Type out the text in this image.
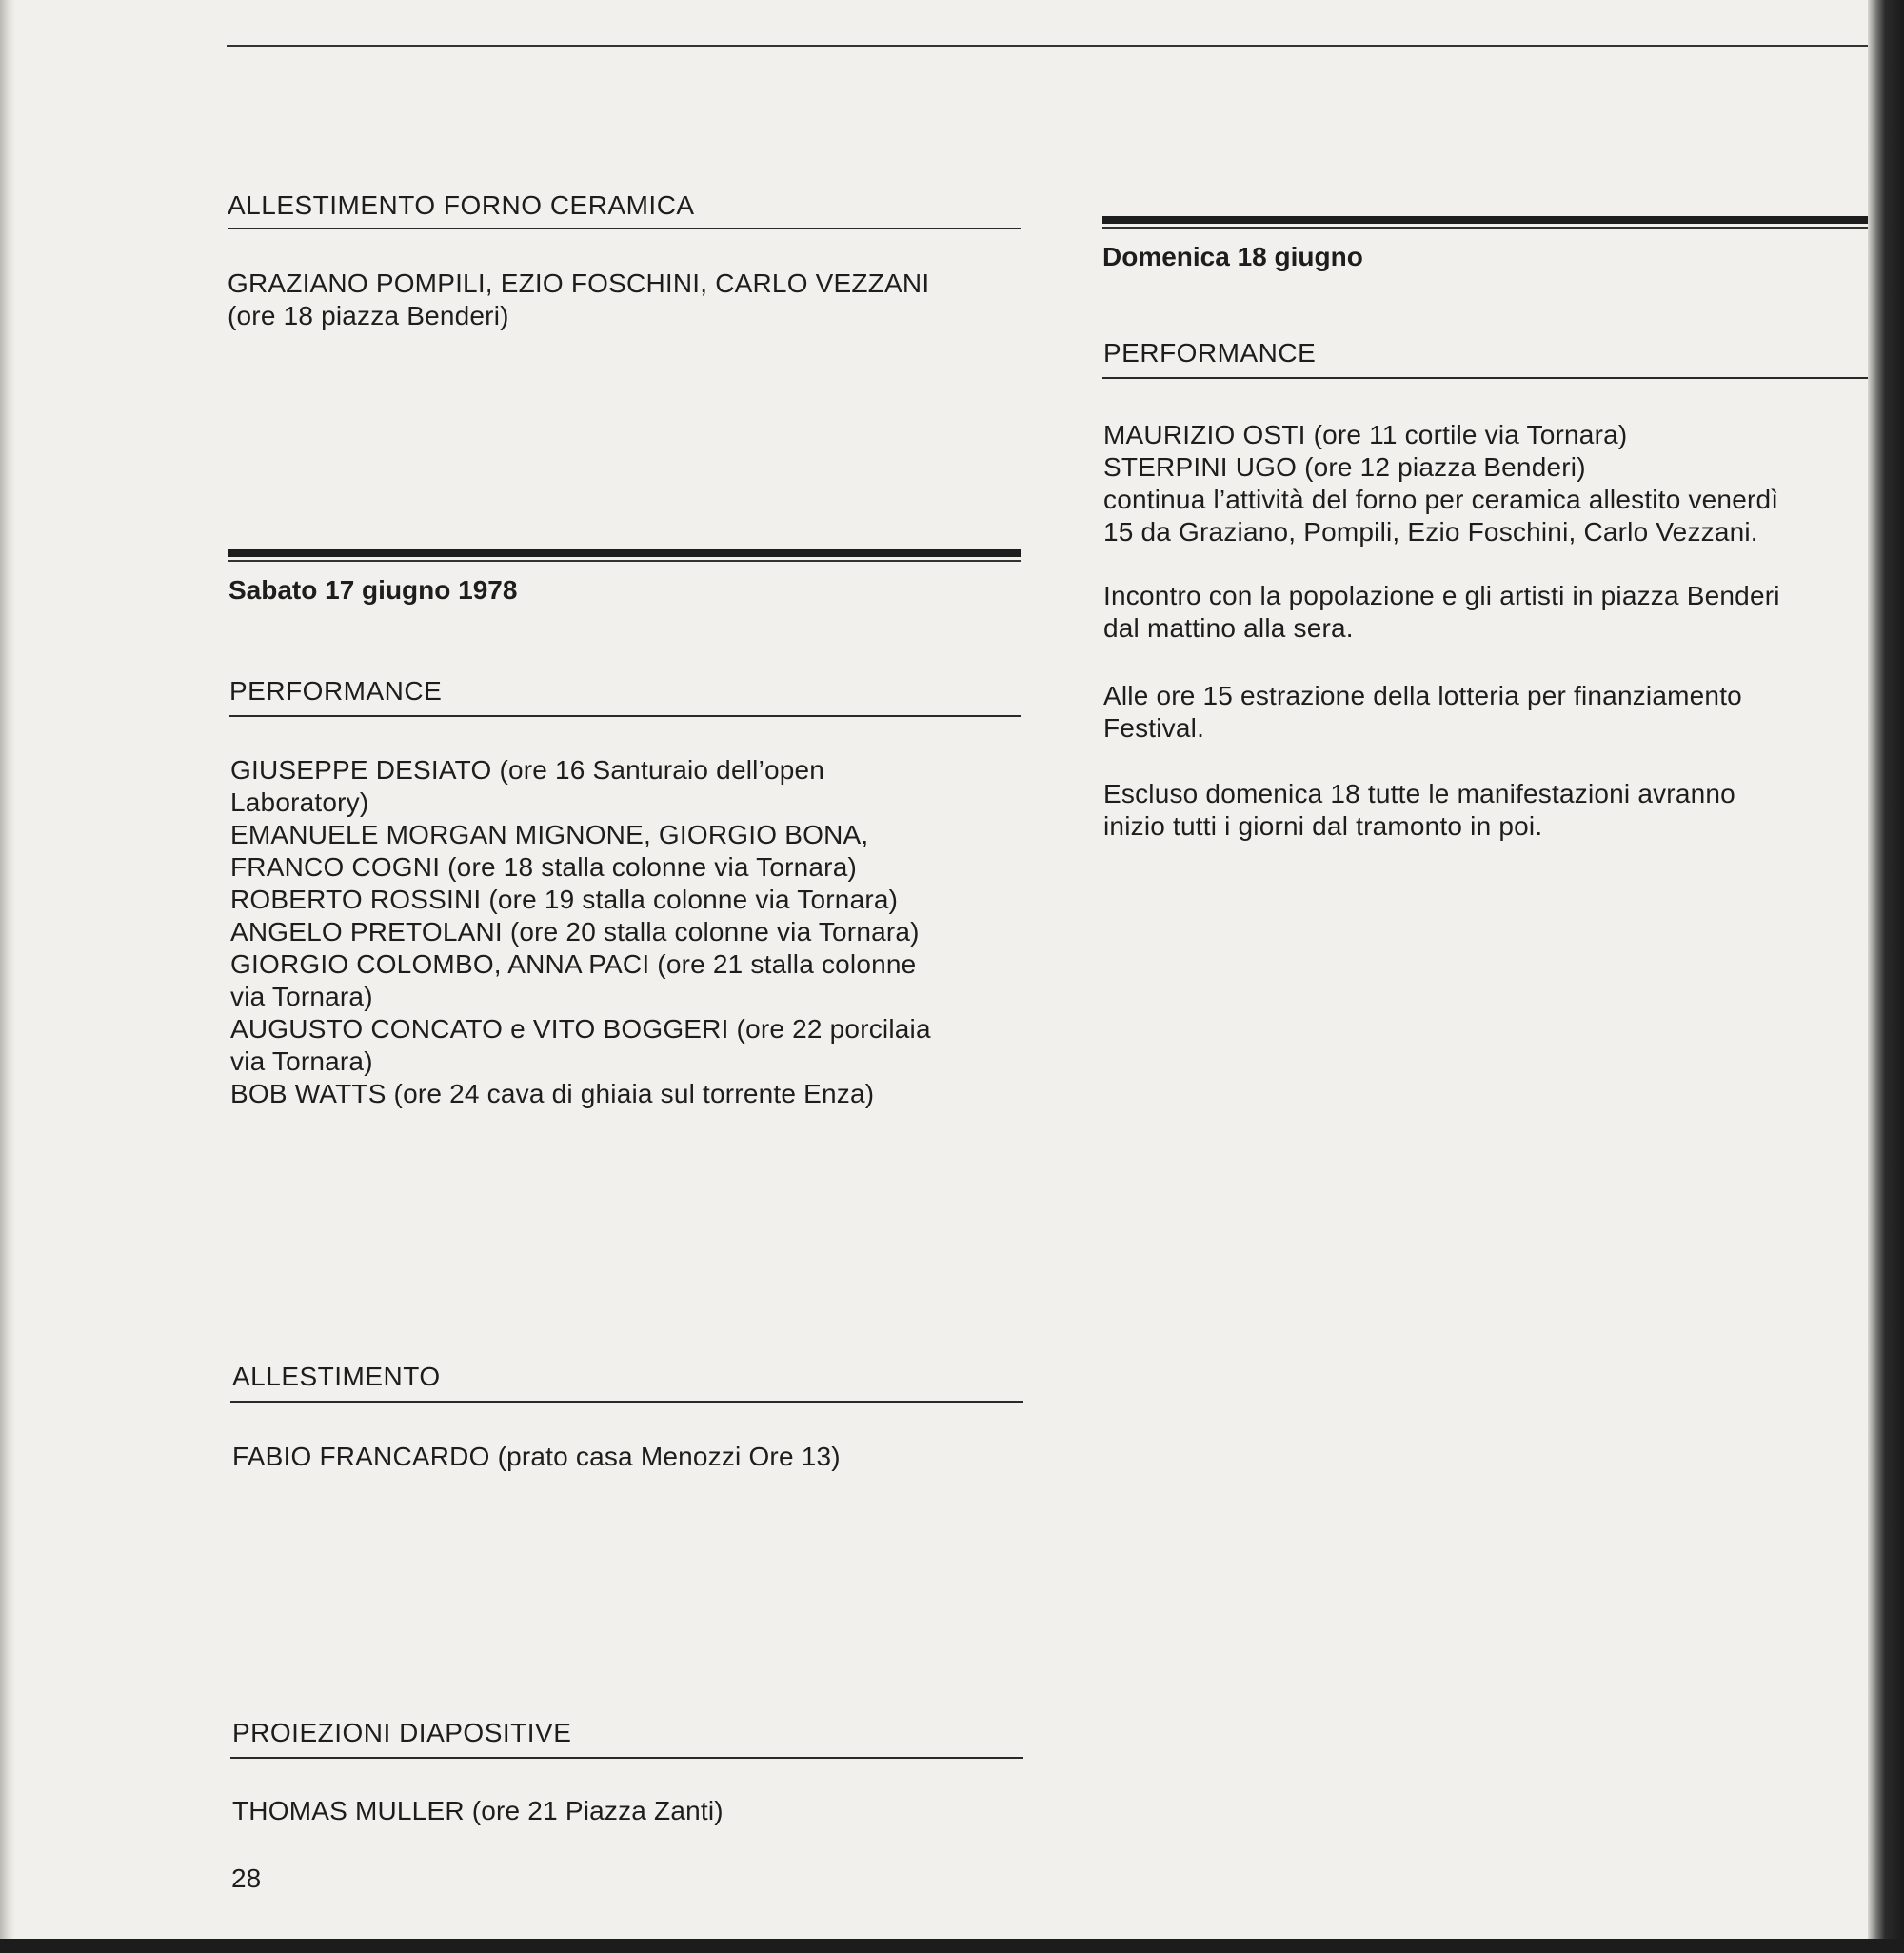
ALLESTIMENTO FORNO CERAMICA
GRAZIANO POMPILI, EZIO FOSCHINI, CARLO VEZZANI
(ore 18 piazza Benderi)
Sabato 17 giugno 1978
PERFORMANCE
GIUSEPPE DESIATO (ore 16 Santuraio dell’open
Laboratory)
EMANUELE MORGAN MIGNONE, GIORGIO BONA,
FRANCO COGNI (ore 18 stalla colonne via Tornara)
ROBERTO ROSSINI (ore 19 stalla colonne via Tornara)
ANGELO PRETOLANI (ore 20 stalla colonne via Tornara)
GIORGIO COLOMBO, ANNA PACI (ore 21 stalla colonne
via Tornara)
AUGUSTO CONCATO e VITO BOGGERI (ore 22 porcilaia
via Tornara)
BOB WATTS (ore 24 cava di ghiaia sul torrente Enza)
ALLESTIMENTO
FABIO FRANCARDO (prato casa Menozzi Ore 13)
PROIEZIONI DIAPOSITIVE
THOMAS MULLER (ore 21 Piazza Zanti)
28
Domenica 18 giugno
PERFORMANCE
MAURIZIO OSTI (ore 11 cortile via Tornara)
STERPINI UGO (ore 12 piazza Benderi)
continua l’attività del forno per ceramica allestito venerdì
15 da Graziano, Pompili, Ezio Foschini, Carlo Vezzani.
Incontro con la popolazione e gli artisti in piazza Benderi
dal mattino alla sera.
Alle ore 15 estrazione della lotteria per finanziamento
Festival.
Escluso domenica 18 tutte le manifestazioni avranno
inizio tutti i giorni dal tramonto in poi.
